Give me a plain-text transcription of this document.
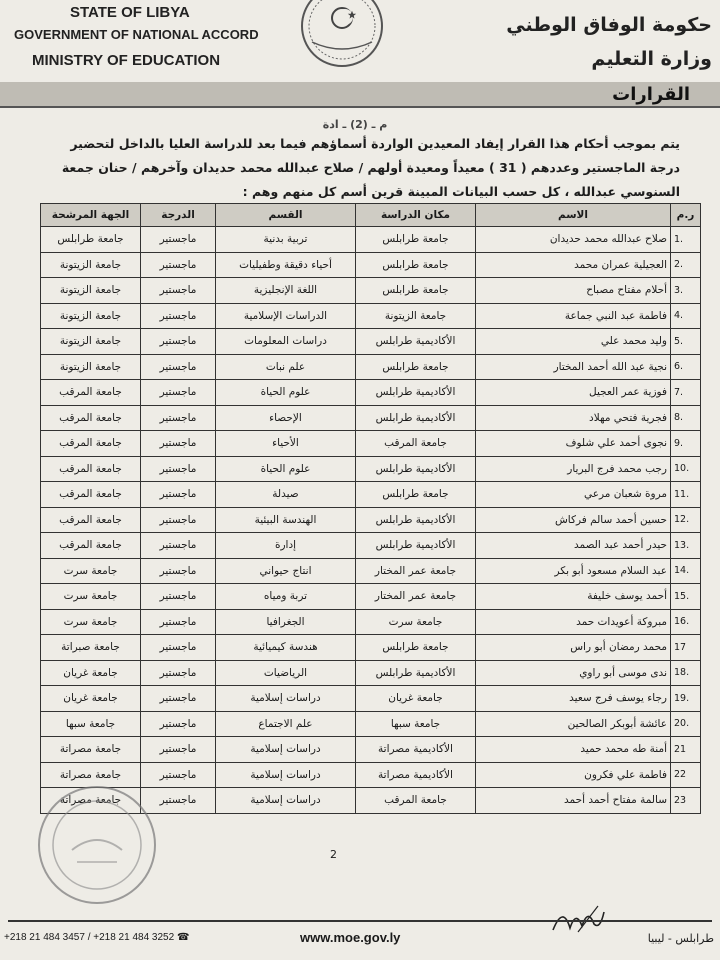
STATE OF LIBYA
GOVERNMENT OF NATIONAL ACCORD
MINISTRY OF EDUCATION
حكومة الوفاق الوطني
وزارة التعليم
القرارات
م ـ (2) ـ ادة
يتم بموجب أحكام هذا القرار إيفاد المعيدين الواردة أسماؤهم فيما بعد للدراسة العليا بالداخل لتحضير درجة الماجستير وعددهم ( 31 ) معيداً ومعيدة أولهم / صلاح عبدالله محمد حديدان وآخرهم / حنان جمعة السنوسي عبدالله ، كل حسب البيانات المبينة قرين أسم كل منهم وهم :
ر.م	الاسم	مكان الدراسة	القسم	الدرجة	الجهة المرشحة
1.	صلاح عبدالله محمد حديدان	جامعة طرابلس	تربية بدنية	ماجستير	جامعة طرابلس
2.	العجيلية عمران محمد	جامعة طرابلس	أحياء دقيقة وطفيليات	ماجستير	جامعة الزيتونة
3.	أحلام مفتاح مصباح	جامعة طرابلس	اللغة الإنجليزية	ماجستير	جامعة الزيتونة
4.	فاطمة عبد النبي جماعة	جامعة الزيتونة	الدراسات الإسلامية	ماجستير	جامعة الزيتونة
5.	وليد محمد علي	الأكاديمية طرابلس	دراسات المعلومات	ماجستير	جامعة الزيتونة
6.	نجية عبد الله أحمد المختار	جامعة طرابلس	علم نبات	ماجستير	جامعة الزيتونة
7.	فوزية عمر العجيل	الأكاديمية طرابلس	علوم الحياة	ماجستير	جامعة المرقب
8.	فجرية فتحي مهلاد	الأكاديمية طرابلس	الإحصاء	ماجستير	جامعة المرقب
9.	نجوى أحمد علي شلوف	جامعة المرقب	الأحياء	ماجستير	جامعة المرقب
10.	رجب محمد فرج البريار	الأكاديمية طرابلس	علوم الحياة	ماجستير	جامعة المرقب
11.	مروة شعبان مرعي	جامعة طرابلس	صيدلة	ماجستير	جامعة المرقب
12.	حسين أحمد سالم فركاش	الأكاديمية طرابلس	الهندسة البيئية	ماجستير	جامعة المرقب
13.	حيدر أحمد عبد الصمد	الأكاديمية طرابلس	إدارة	ماجستير	جامعة المرقب
14.	عبد السلام مسعود أبو بكر	جامعة عمر المختار	انتاج حيواني	ماجستير	جامعة سرت
15.	أحمد يوسف خليفة	جامعة عمر المختار	تربة ومياه	ماجستير	جامعة سرت
16.	مبروكة أعويدات حمد	جامعة سرت	الجغرافيا	ماجستير	جامعة سرت
17	محمد رمضان أبو راس	جامعة طرابلس	هندسة كيميائية	ماجستير	جامعة صبراتة
18.	ندى موسى أبو راوي	الأكاديمية طرابلس	الرياضيات	ماجستير	جامعة غريان
19.	رجاء يوسف فرج سعيد	جامعة غريان	دراسات إسلامية	ماجستير	جامعة غريان
20.	عائشة أبوبكر الصالحين	جامعة سبها	علم الاجتماع	ماجستير	جامعة سبها
21	أمنة طه محمد حميد	الأكاديمية مصراتة	دراسات إسلامية	ماجستير	جامعة مصراتة
22	فاطمة علي فكرون	الأكاديمية مصراتة	دراسات إسلامية	ماجستير	جامعة مصراتة
23	سالمة مفتاح أحمد أحمد	جامعة المرقب	دراسات إسلامية	ماجستير	جامعة مصراتة
2
+218 21 484 3457 / +218 21 484 3252 ☎	www.moe.gov.ly	طرابلس - ليبيا
